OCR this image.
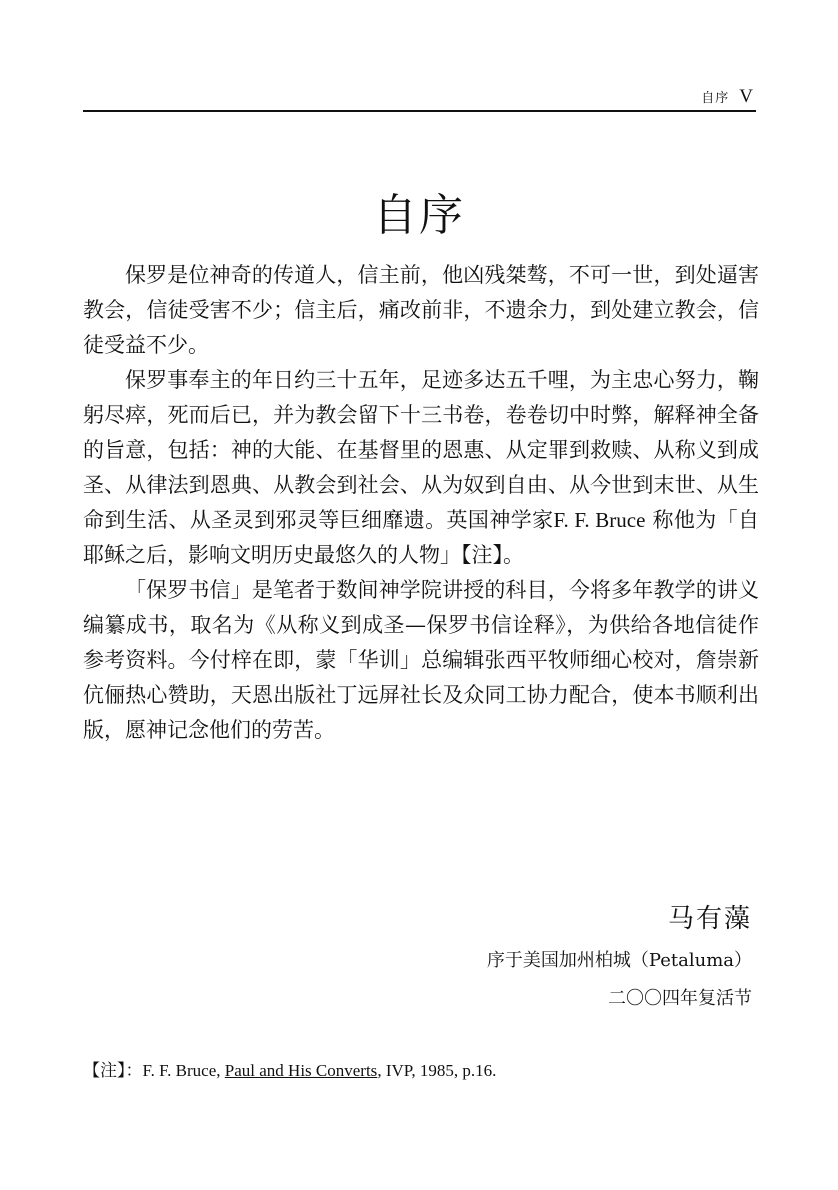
自序 V
自序

保罗是位神奇的传道人，信主前，他凶残桀骜，不可一世，到处逼害教会，信徒受害不少；信主后，痛改前非，不遗余力，到处建立教会，信徒受益不少。

保罗事奉主的年日约三十五年，足迹多达五千哩，为主忠心努力，鞠躬尽瘁，死而后已，并为教会留下十三书卷，卷卷切中时弊，解释神全备的旨意，包括：神的大能、在基督里的恩惠、从定罪到救赎、从称义到成圣、从律法到恩典、从教会到社会、从为奴到自由、从今世到末世、从生命到生活、从圣灵到邪灵等巨细靡遗。英国神学家F. F. Bruce 称他为「自耶稣之后，影响文明历史最悠久的人物」【注】。

「保罗书信」是笔者于数间神学院讲授的科目，今将多年教学的讲义编纂成书，取名为《从称义到成圣—保罗书信诠释》，为供给各地信徒作参考资料。今付梓在即，蒙「华训」总编辑张西平牧师细心校对，詹崇新伉俪热心赞助，天恩出版社丁远屏社长及众同工协力配合，使本书顺利出版，愿神记念他们的劳苦。

马有藻
序于美国加州柏城（Petaluma）
二〇〇四年复活节
【注】：F. F. Bruce, Paul and His Converts, IVP, 1985, p.16.
